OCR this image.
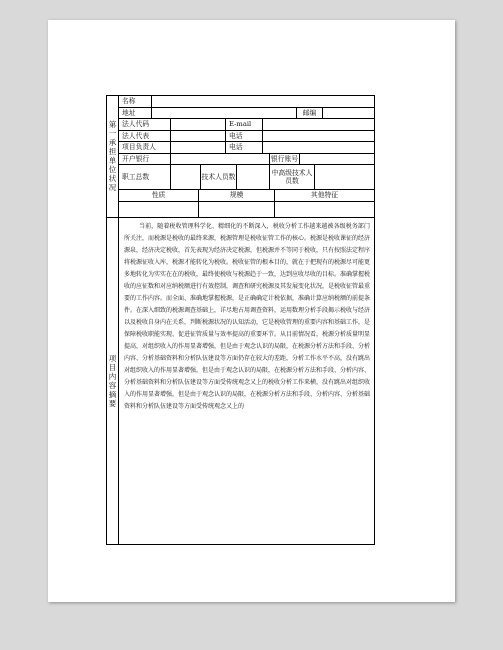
第一承担单位状况
名称
地址	邮编
法人代码	E-mail
法人代表	电话
项目负责人	电话
开户银行	银行账号
职工总数	技术人员数	中高级技术人员数
性质	规模	其他特征
项目内容摘要
当前，随着税收管理科学化、精细化的不断深入，税收分析工作越来越被各级税务部门所关注，而税源是税收的最终来源，税源管理是税收征管工作的核心。税源是税收课征的经济源泉，经济决定税收，首先表现为经济决定税源，但税源并不等同于税收，只有按照法定程序将税源征收入库，税源才能转化为税收。税收征管的根本目的，就在于把现有的税源尽可能更多地转化为实实在在的税收，最终使税收与税源趋于一致，达到应收尽收的目标。准确掌握税收的应征数和对应纳税额进行有效控制，调查和研究税源及其发展变化状况，是税收征管最重要的工作内容。而全面、准确地掌握税源，是正确确定计税依据，准确计算应纳税额的前提条件。在深入细致的税源调查基础上，详尽地占用调查资料，运用数理分析手段揭示税收与经济以及税收自身内在关系，判断税源状况的认知活动，它是税收管理的重要内容和基础工作，是保障税收职能实现、促进征管质量与效率提高的重要环节。从目前情况看，税源分析质量明显提高，对组织收入的作用显著增强，但是由于观念认识的局限，在税源分析方法和手段、分析内容、分析基础资料和分析队伍建设等方面仍存在较大的差距，分析工作水平不高，没有跳出对组织收入的作用显著增强，但是由于观念认识的局限，在税源分析方法和手段、分析内容、分析基础资料和分析队伍建设等方面受传统观念又上的税收分析工作来横，没有跳出对组织收入的作用显著增强，但是由于观念认识的局限，在税源分析方法和手段、分析内容、分析基础资料和分析队伍建设等方面受传统观念又上的
